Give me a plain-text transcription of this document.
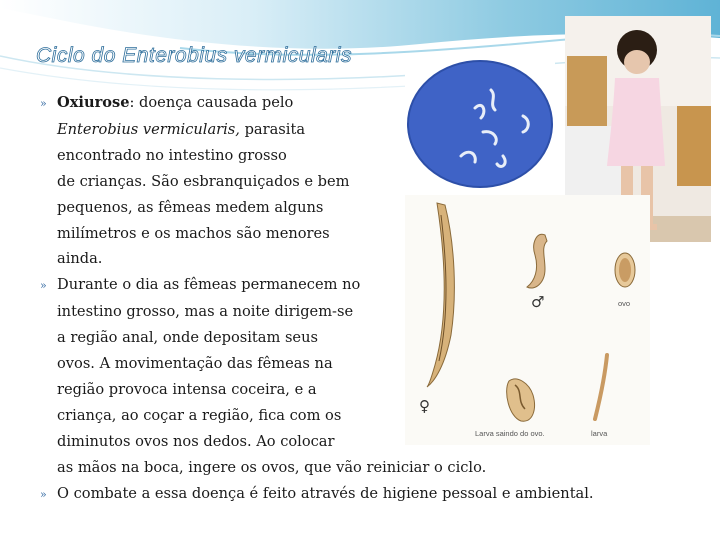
Ciclo do Enterobius vermicularis
» Oxiurose: doença causada pelo
Enterobius vermicularis, parasita
encontrado no intestino grosso
de crianças. São esbranquiçados e bem
pequenos, as fêmeas medem alguns
milímetros e os machos são menores
ainda.
» Durante o dia as fêmeas permanecem no
intestino grosso, mas a noite dirigem-se
a região anal, onde depositam seus
ovos. A movimentação das fêmeas na
região provoca intensa coceira, e a
criança, ao coçar a região, fica com os
diminutos ovos nos dedos. Ao colocar
as mãos na boca, ingere os ovos, que vão reiniciar o ciclo.
» O combate a essa doença é feito através de higiene pessoal e ambiental.
♂
♀
ovo
Larva saindo do ovo.	larva
